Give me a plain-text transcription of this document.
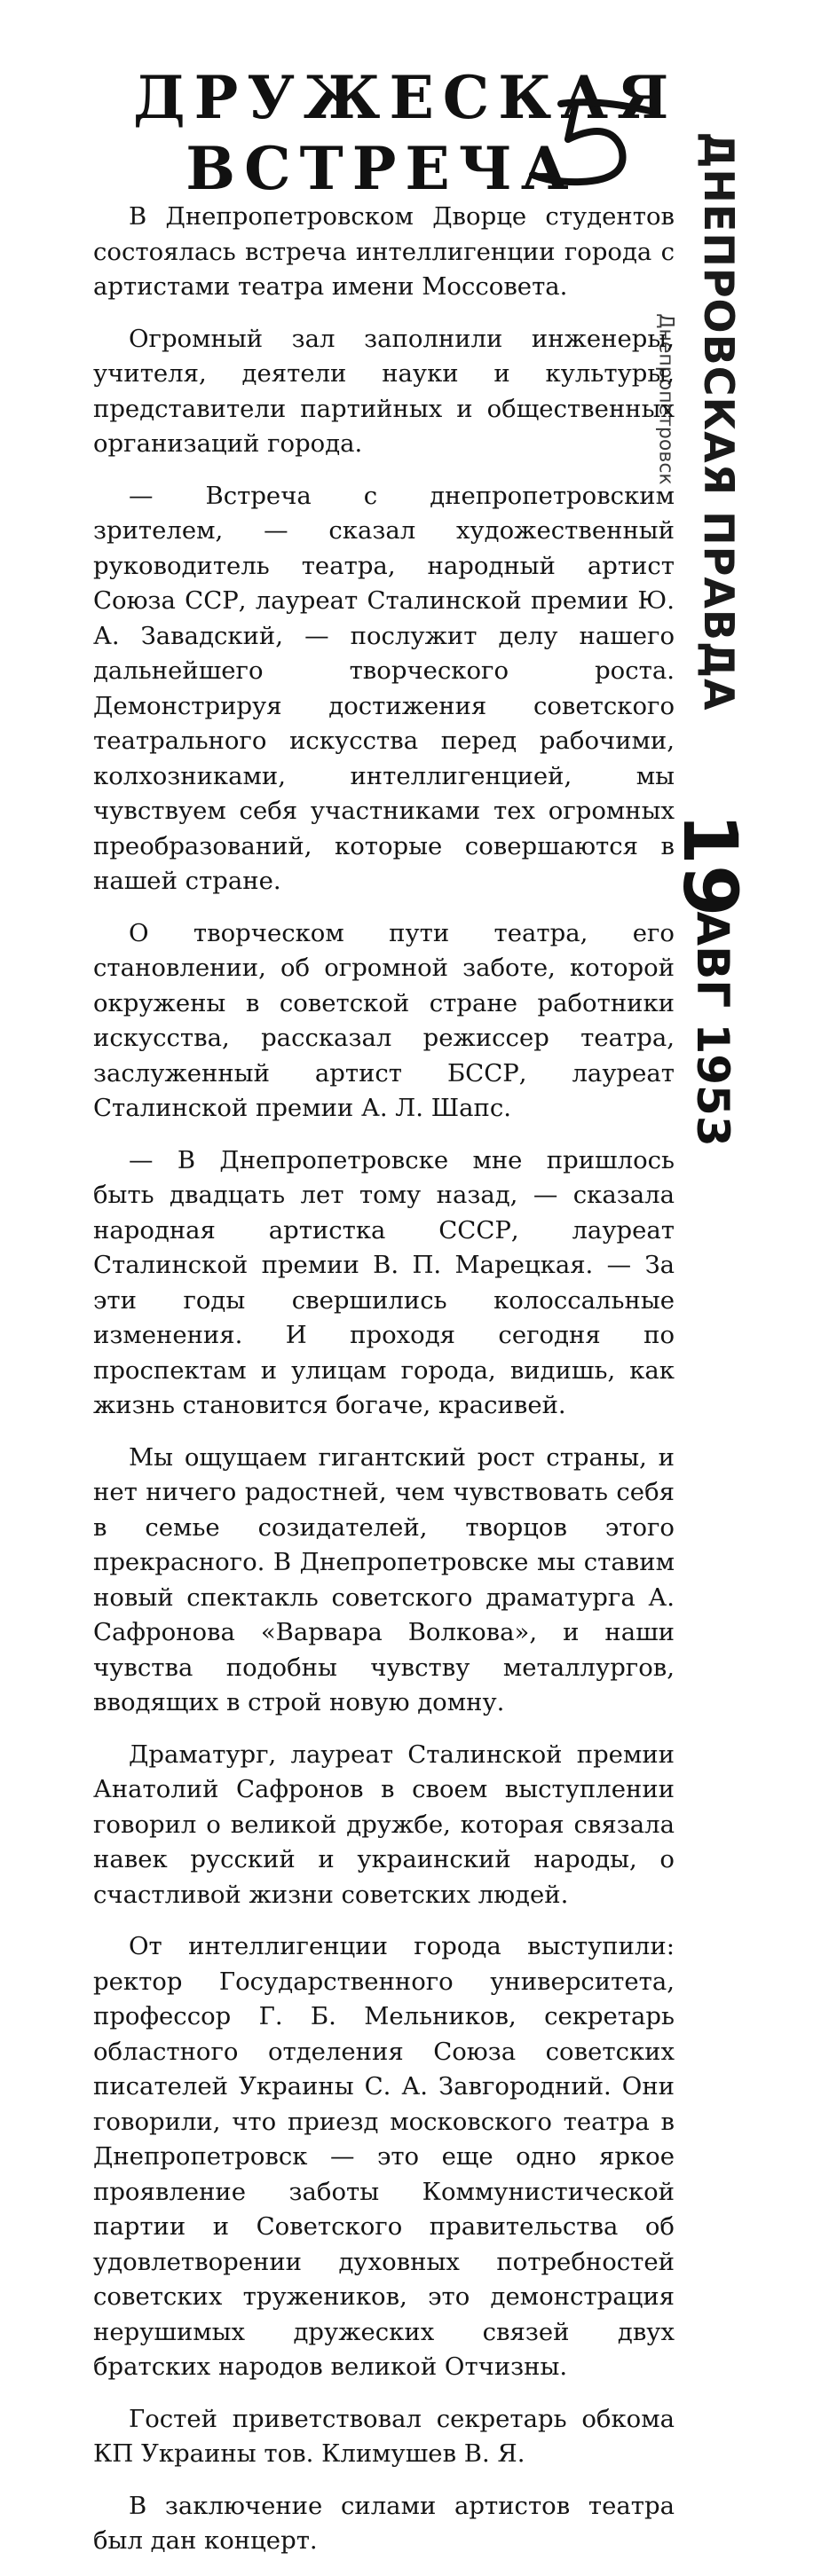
ДРУЖЕСКАЯ
ВСТРЕЧА	ДНЕПРОВСКАЯ ПРАВДА
Днепропетровск
19
АВГ 1953

В Днепропетровском Дворце студентов состоялась встреча интеллигенции города с артистами театра имени Моссовета.

Огромный зал заполнили инженеры, учителя, деятели науки и культуры, представители партийных и общественных организаций города.

— Встреча с днепропетровским зрителем, — сказал художественный руководитель театра, народный артист Союза ССР, лауреат Сталинской премии Ю. А. Завадский, — послужит делу нашего дальнейшего творческого роста. Демонстрируя достижения советского театрального искусства перед рабочими, колхозниками, интеллигенцией, мы чувствуем себя участниками тех огромных преобразований, которые совершаются в нашей стране.

О творческом пути театра, его становлении, об огромной заботе, которой окружены в советской стране работники искусства, рассказал режиссер театра, заслуженный артист БССР, лауреат Сталинской премии А. Л. Шапс.

— В Днепропетровске мне пришлось быть двадцать лет тому назад, — сказала народная артистка СССР, лауреат Сталинской премии В. П. Марецкая. — За эти годы свершились колоссальные изменения. И проходя сегодня по проспектам и улицам города, видишь, как жизнь становится богаче, красивей.

Мы ощущаем гигантский рост страны, и нет ничего радостней, чем чувствовать себя в семье созидателей, творцов этого прекрасного. В Днепропетровске мы ставим новый спектакль советского драматурга А. Сафронова «Варвара Волкова», и наши чувства подобны чувству металлургов, вводящих в строй новую домну.

Драматург, лауреат Сталинской премии Анатолий Сафронов в своем выступлении говорил о великой дружбе, которая связала навек русский и украинский народы, о счастливой жизни советских людей.

От интеллигенции города выступили: ректор Государственного университета, профессор Г. Б. Мельников, секретарь областного отделения Союза советских писателей Украины С. А. Завгородний. Они говорили, что приезд московского театра в Днепропетровск — это еще одно яркое проявление заботы Коммунистической партии и Советского правительства об удовлетворении духовных потребностей советских тружеников, это демонстрация нерушимых дружеских связей двух братских народов великой Отчизны.

Гостей приветствовал секретарь обкома КП Украины тов. Климушев В. Я.

В заключение силами артистов театра был дан концерт.
